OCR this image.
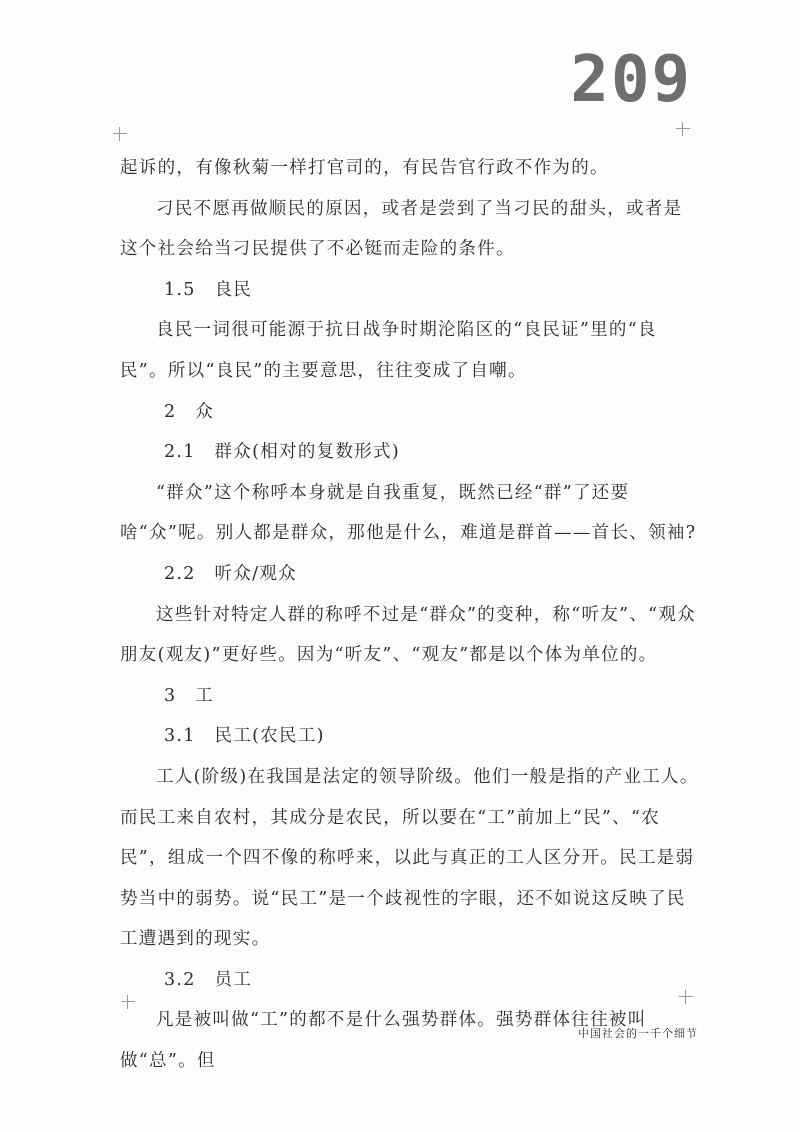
209

起诉的，有像秋菊一样打官司的，有民告官行政不作为的。

刁民不愿再做顺民的原因，或者是尝到了当刁民的甜头，或者是这个社会给当刁民提供了不必铤而走险的条件。

1.5　良民

良民一词很可能源于抗日战争时期沦陷区的“良民证”里的“良民”。所以“良民”的主要意思，往往变成了自嘲。

2　众

2.1　群众(相对的复数形式)

“群众”这个称呼本身就是自我重复，既然已经“群”了还要啥“众”呢。别人都是群众，那他是什么，难道是群首——首长、领袖?

2.2　听众/观众

这些针对特定人群的称呼不过是“群众”的变种，称“听友”、“观众朋友(观友)”更好些。因为“听友”、“观友”都是以个体为单位的。

3　工

3.1　民工(农民工)

工人(阶级)在我国是法定的领导阶级。他们一般是指的产业工人。而民工来自农村，其成分是农民，所以要在“工”前加上“民”、“农民”，组成一个四不像的称呼来，以此与真正的工人区分开。民工是弱势当中的弱势。说“民工”是一个歧视性的字眼，还不如说这反映了民工遭遇到的现实。

3.2　员工

凡是被叫做“工”的都不是什么强势群体。强势群体往往被叫做“总”。但

中国社会的一千个细节
